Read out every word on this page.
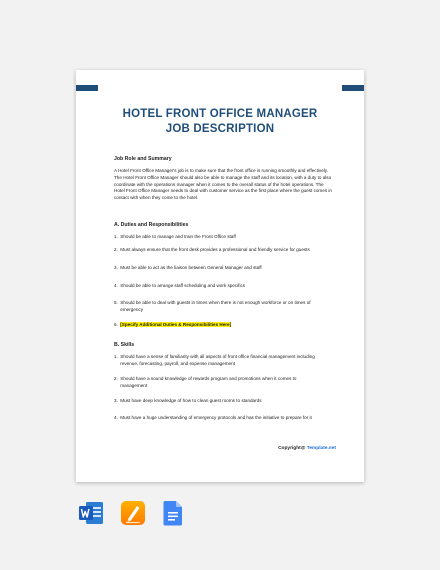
HOTEL FRONT OFFICE MANAGER
JOB DESCRIPTION
Job Role and Summary
A Hotel Front Office Manager's job is to make sure that the front office is running smoothly and effectively. The Hotel Front Office Manager should also be able to manage the staff and its location, with a duty to also coordinate with the operations manager when it comes to the overall status of the hotel operations. The Hotel Front Office Manager needs to deal with customer service as the first place where the guest comes in contact with when they come to the hotel.
A. Duties and Responsibilities
1. Should be able to manage and train the Front Office staff
2. Must always ensure that the front desk provides a professional and friendly service for guests
3. Must be able to act as the liaison between General Manager and staff
4. Should be able to arrange staff scheduling and work specifics
5. Should be able to deal with guests in times when there is not enough workforce or on times of emergency
6. [Specify Additional Duties & Responsibilities Here]
B. Skills
1. Should have a sense of familiarity with all aspects of front office financial management including revenue, forecasting, payroll, and expense management
2. Should have a sound knowledge of rewards program and promotions when it comes to management
3. Must have deep knowledge of how to clean guest rooms to standards
4. Must have a huge understanding of emergency protocols and has the initiative to prepare for it
Copyright@ Template.net
